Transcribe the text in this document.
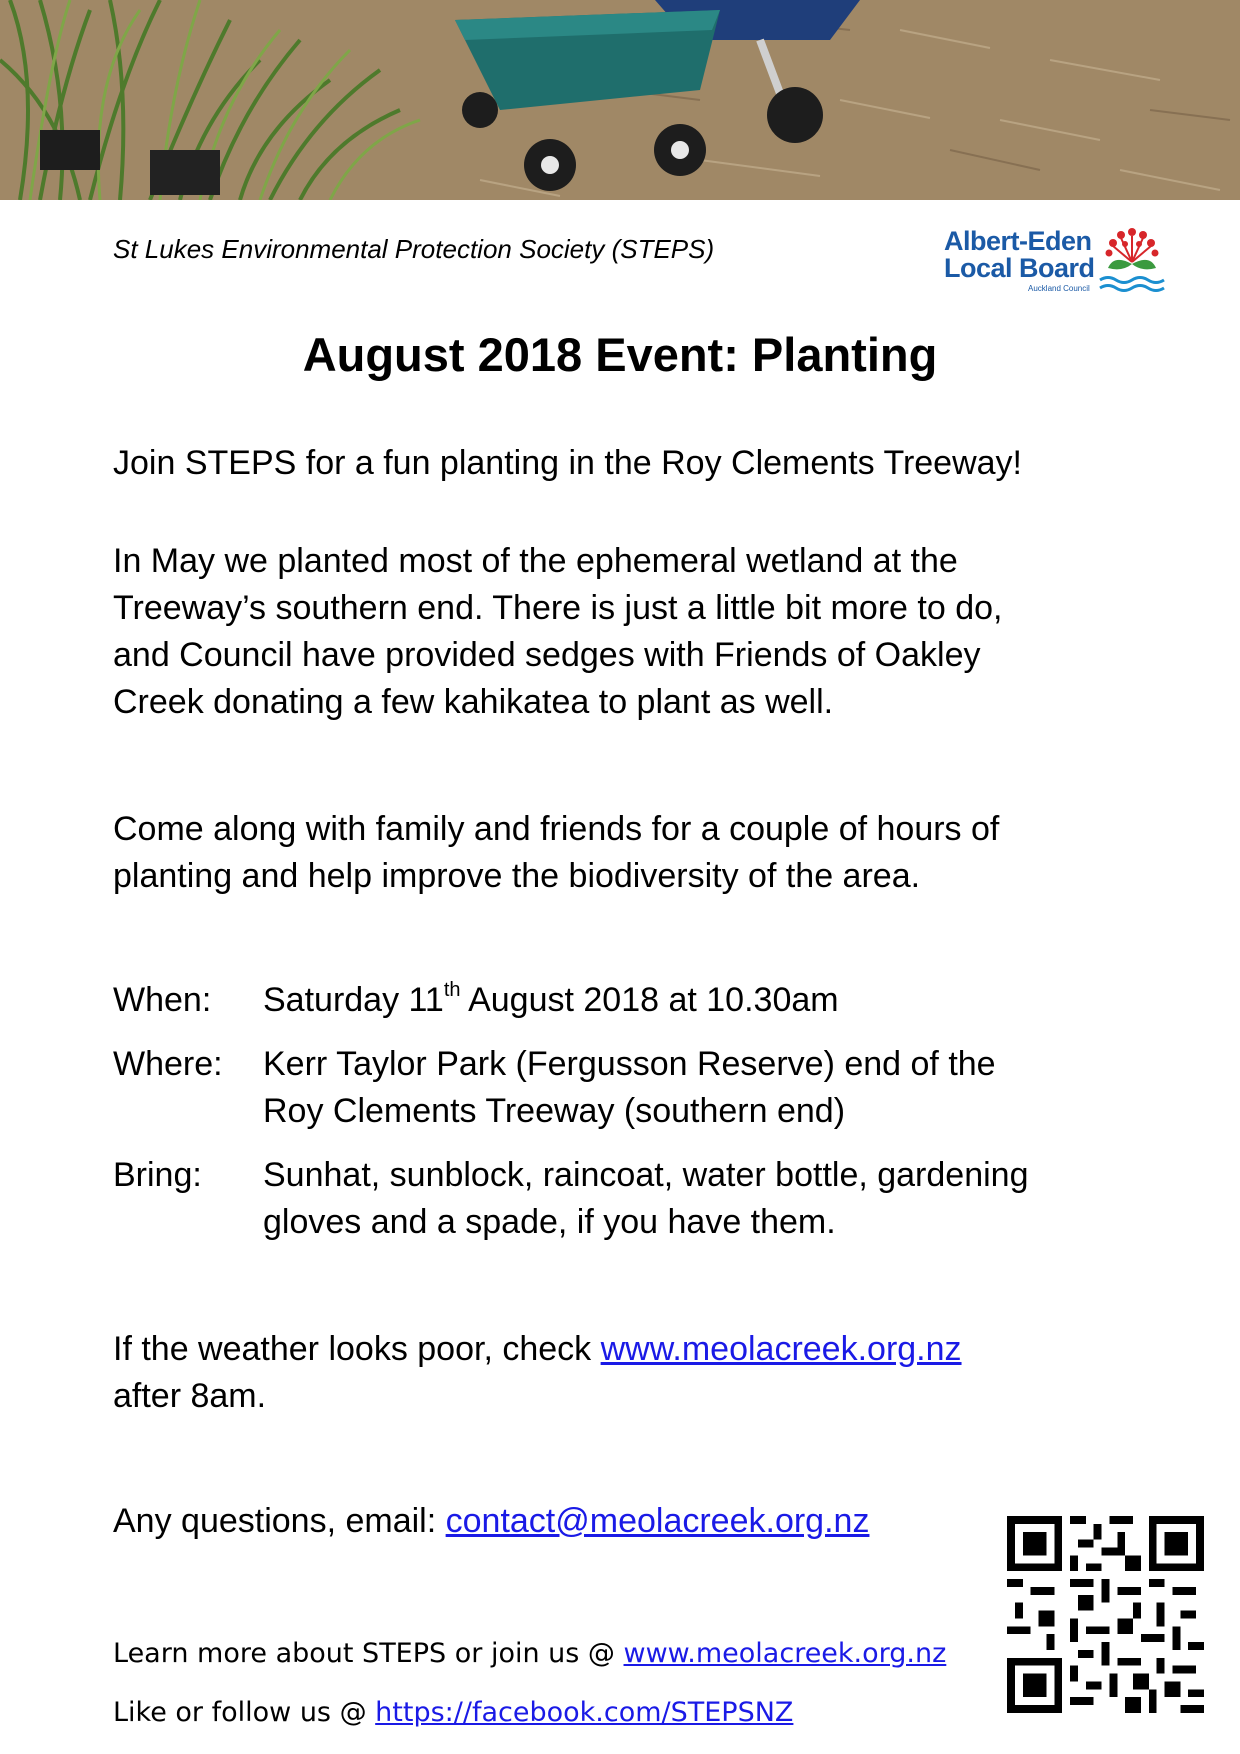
St Lukes Environmental Protection Society (STEPS)	Albert-Eden
Local Board
Auckland Council
August 2018 Event: Planting
Join STEPS for a fun planting in the Roy Clements Treeway!
In May we planted most of the ephemeral wetland at the
Treeway’s southern end. There is just a little bit more to do,
and Council have provided sedges with Friends of Oakley
Creek donating a few kahikatea to plant as well.
Come along with family and friends for a couple of hours of
planting and help improve the biodiversity of the area.
When:	Saturday 11th August 2018 at 10.30am
Where:	Kerr Taylor Park (Fergusson Reserve) end of the
Roy Clements Treeway (southern end)
Bring:	Sunhat, sunblock, raincoat, water bottle, gardening
gloves and a spade, if you have them.
If the weather looks poor, check www.meolacreek.org.nz
after 8am.
Any questions, email: contact@meolacreek.org.nz
Learn more about STEPS or join us @ www.meolacreek.org.nz
Like or follow us @ https://facebook.com/STEPSNZ
